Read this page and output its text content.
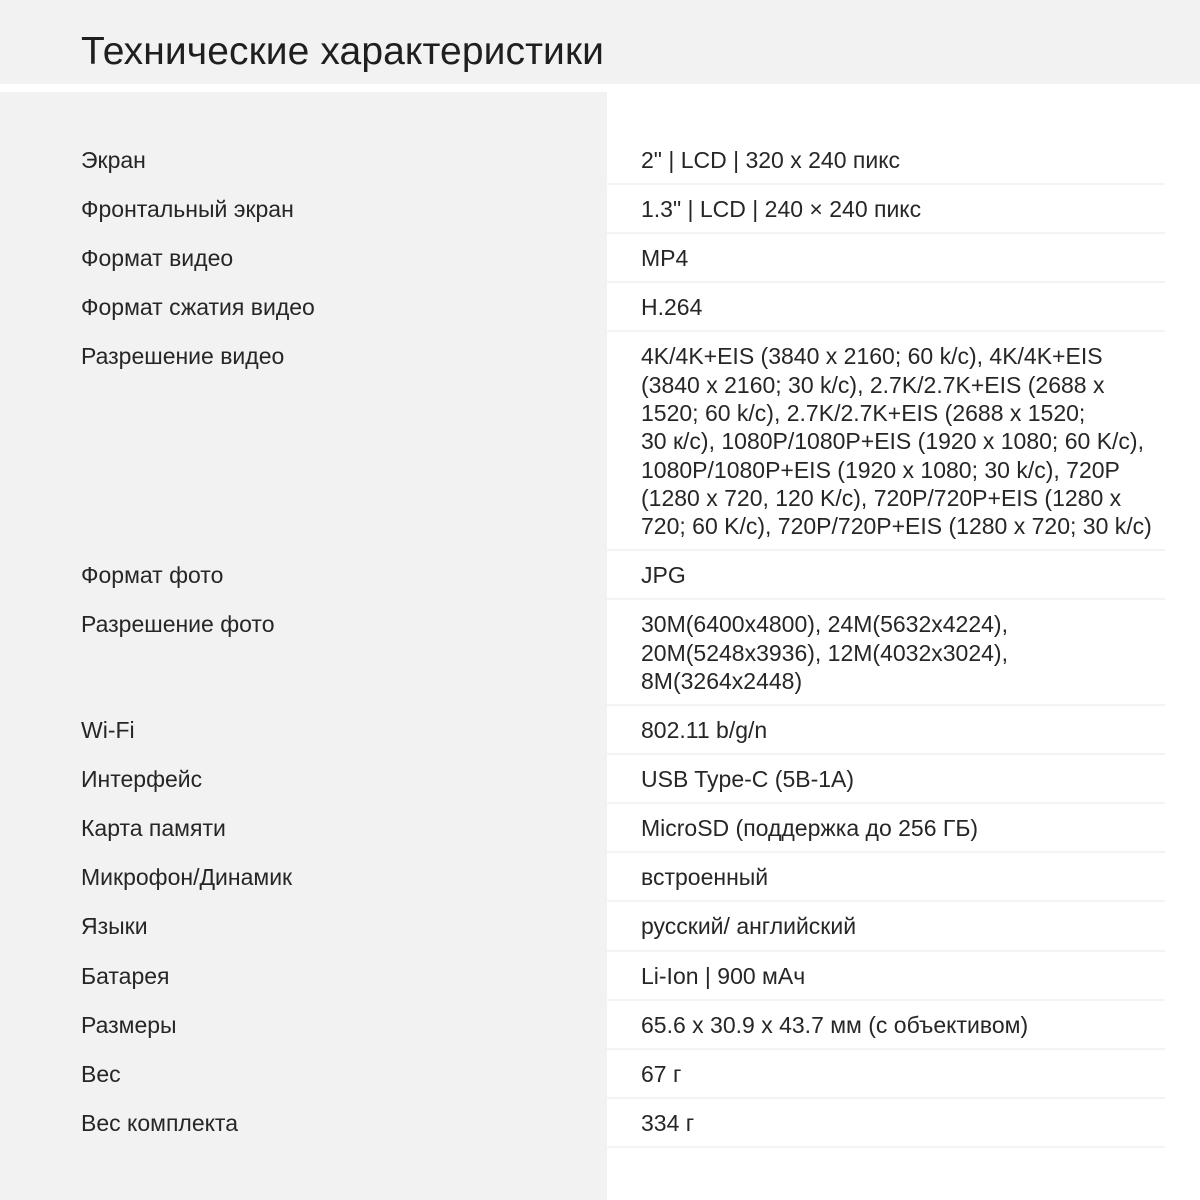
Технические характеристики
Экран	2" | LCD | 320 x 240 пикс
Фронтальный экран	1.3" | LCD | 240 × 240 пикс
Формат видео	MP4
Формат сжатия видео	H.264
Разрешение видео	4K/4K+EIS (3840 x 2160; 60 k/c), 4K/4K+EIS
(3840 x 2160; 30 k/c), 2.7K/2.7K+EIS (2688 x
1520; 60 k/c), 2.7K/2.7K+EIS (2688 x 1520;
30 к/c), 1080P/1080P+EIS (1920 x 1080; 60 K/c),
1080P/1080P+EIS (1920 x 1080; 30 k/c), 720P
(1280 x 720, 120 K/c), 720P/720P+EIS (1280 x
720; 60 K/c), 720P/720P+EIS (1280 x 720; 30 k/c)
Формат фото	JPG
Разрешение фото	30M(6400x4800), 24M(5632x4224),
20M(5248x3936), 12M(4032x3024),
8M(3264x2448)
Wi-Fi	802.11 b/g/n
Интерфейс	USB Type-C (5B-1A)
Карта памяти	MicroSD (поддержка до 256 ГБ)
Микрофон/Динамик	встроенный
Языки	русский/ английский
Батарея	Li-Ion | 900 мАч
Размеры	65.6 x 30.9 x 43.7 мм (с объективом)
Вес	67 г
Вес комплекта	334 г
